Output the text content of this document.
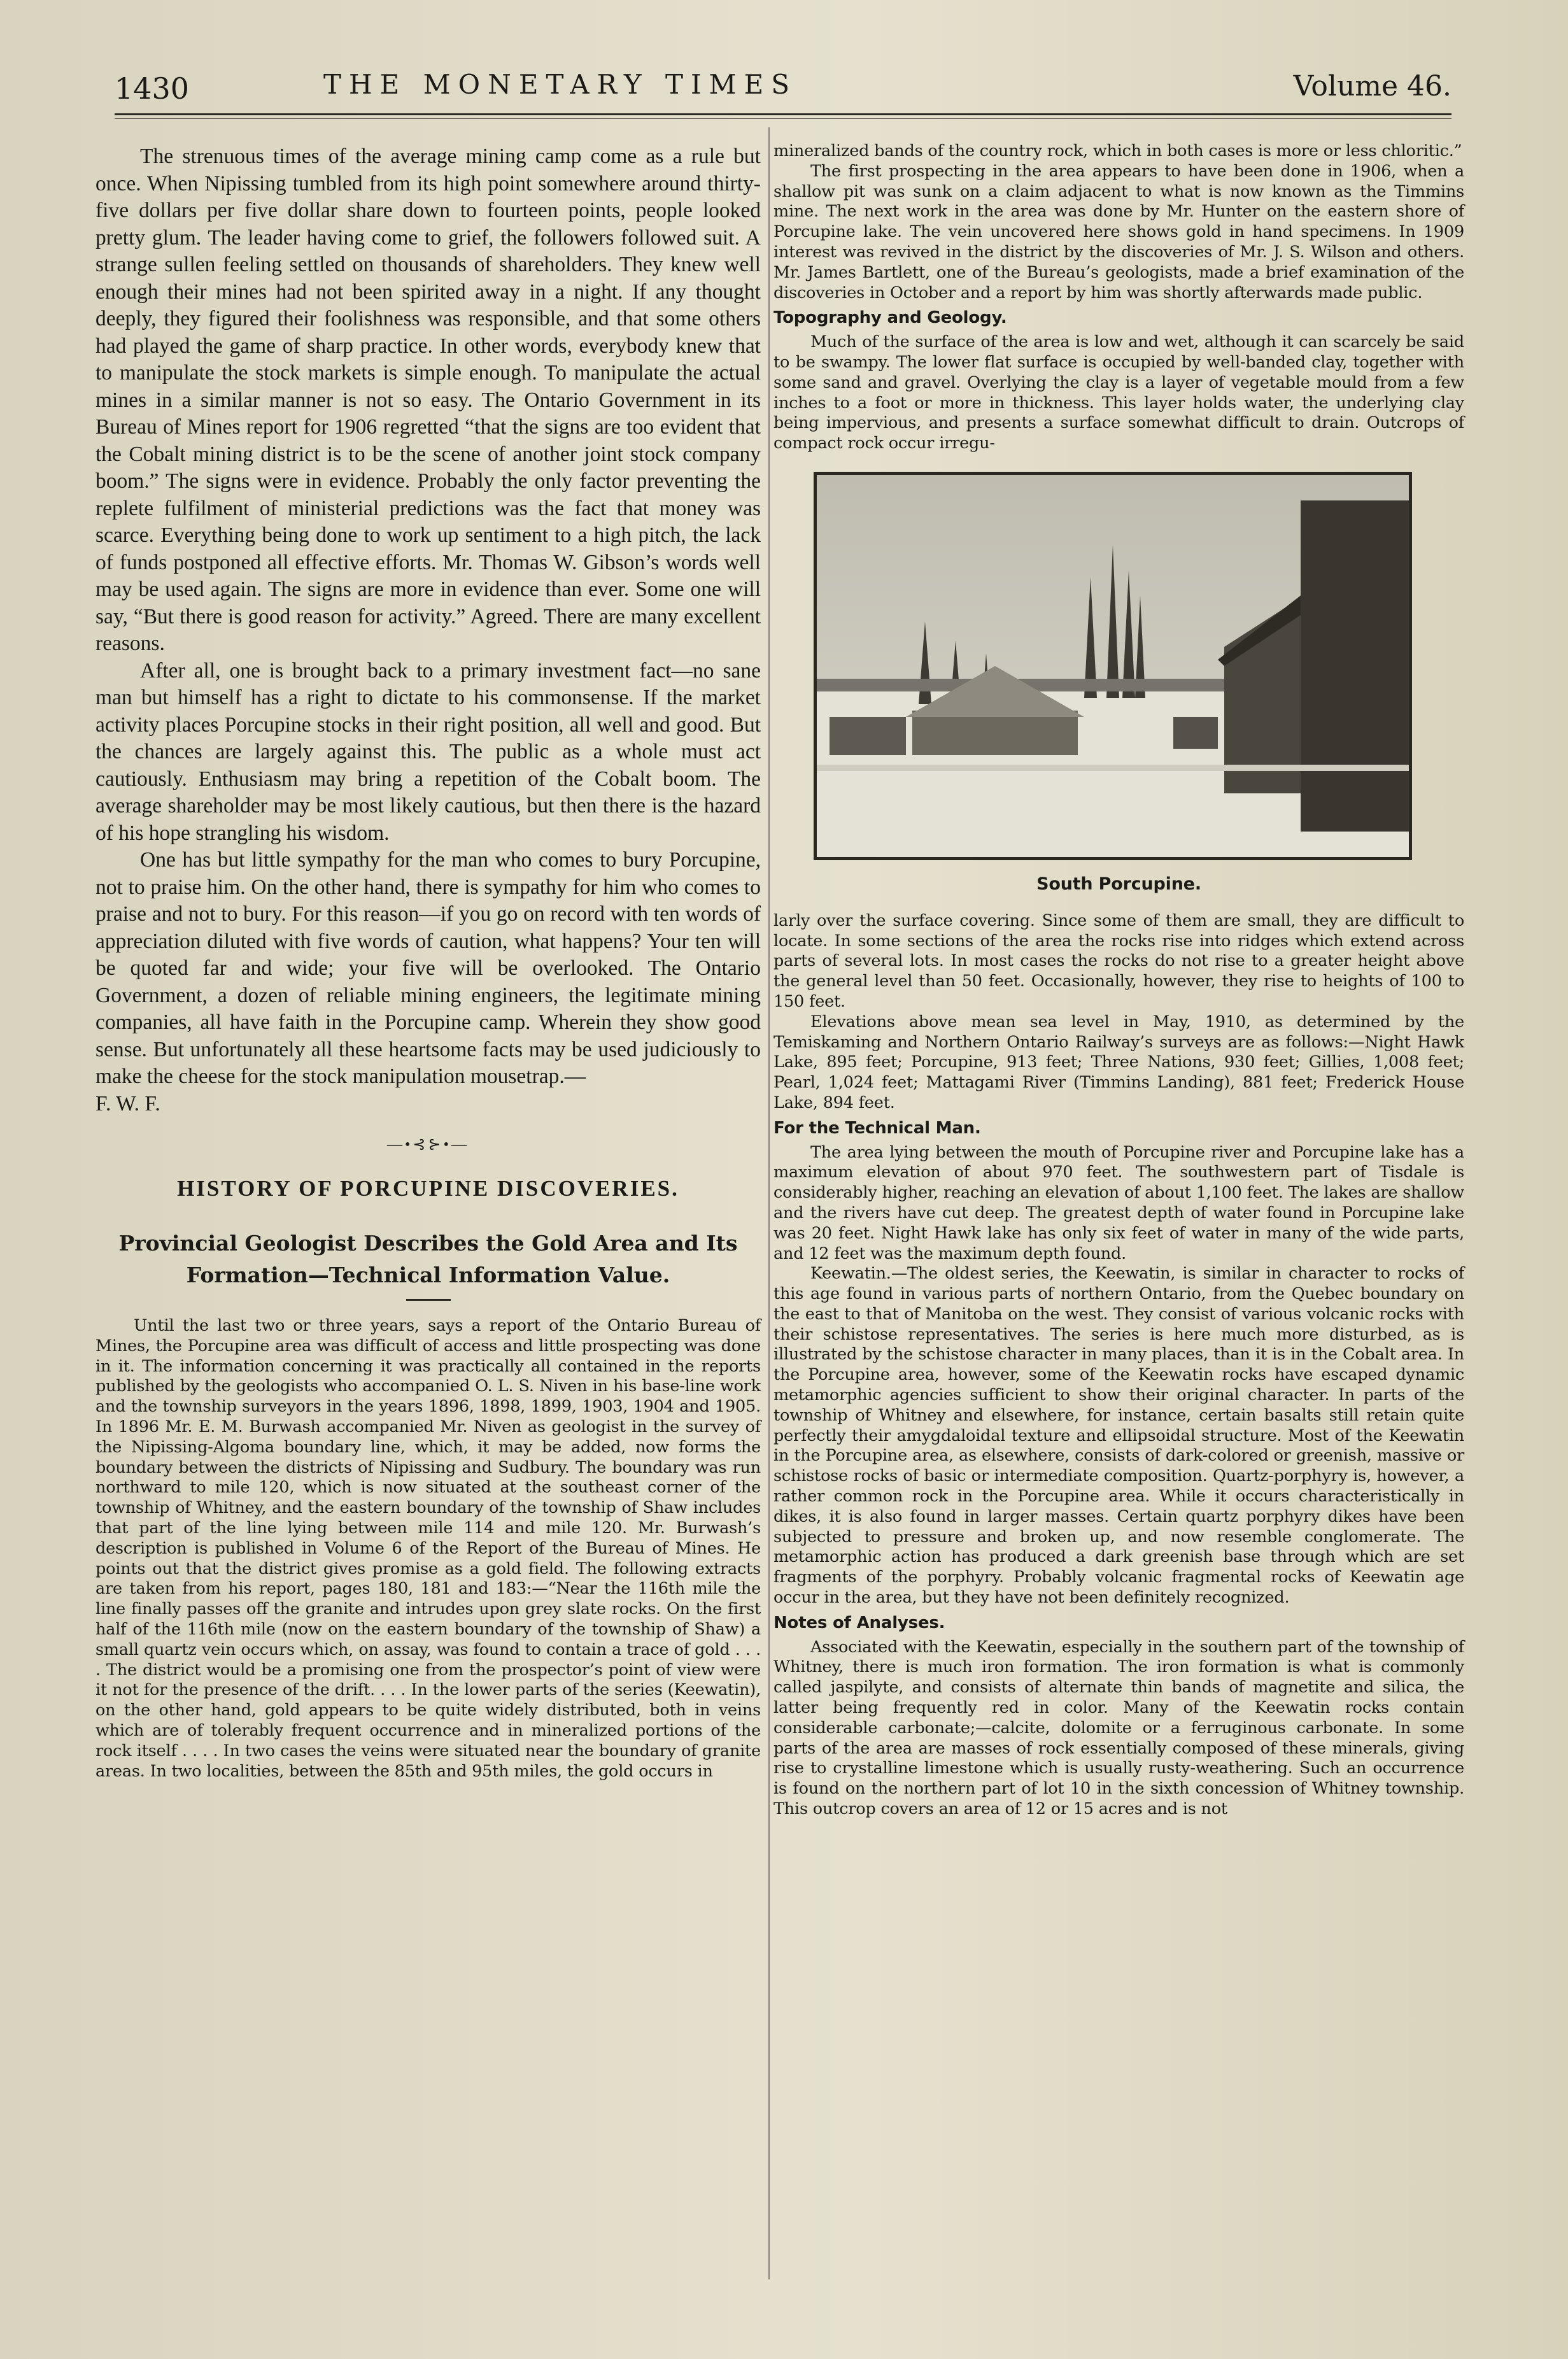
1430	THE MONETARY TIMES	Volume 46.

The strenuous times of the average mining camp come as a rule but once. When Nipissing tumbled from its high point somewhere around thirty-five dollars per five dollar share down to fourteen points, people looked pretty glum. The leader having come to grief, the followers followed suit. A strange sullen feeling settled on thousands of shareholders. They knew well enough their mines had not been spirited away in a night. If any thought deeply, they figured their foolishness was responsible, and that some others had played the game of sharp practice. In other words, everybody knew that to manipulate the stock markets is simple enough. To manipulate the actual mines in a similar manner is not so easy. The Ontario Government in its Bureau of Mines report for 1906 regretted “that the signs are too evident that the Cobalt mining district is to be the scene of another joint stock company boom.” The signs were in evidence. Probably the only factor preventing the replete fulfilment of ministerial predictions was the fact that money was scarce. Everything being done to work up sentiment to a high pitch, the lack of funds postponed all effective efforts. Mr. Thomas W. Gibson’s words well may be used again. The signs are more in evidence than ever. Some one will say, “But there is good reason for activity.” Agreed. There are many excellent reasons.

After all, one is brought back to a primary investment fact—no sane man but himself has a right to dictate to his commonsense. If the market activity places Porcupine stocks in their right position, all well and good. But the chances are largely against this. The public as a whole must act cautiously. Enthusiasm may bring a repetition of the Cobalt boom. The average shareholder may be most likely cautious, but then there is the hazard of his hope strangling his wisdom.

One has but little sympathy for the man who comes to bury Porcupine, not to praise him. On the other hand, there is sympathy for him who comes to praise and not to bury. For this reason—if you go on record with ten words of appreciation diluted with five words of caution, what happens? Your ten will be quoted far and wide; your five will be overlooked. The Ontario Government, a dozen of reliable mining engineers, the legitimate mining companies, all have faith in the Porcupine camp. Wherein they show good sense. But unfortunately all these heartsome facts may be used judiciously to make the cheese for the stock manipulation mousetrap.—

F. W. F.

—•⊰⊱•—
HISTORY OF PORCUPINE DISCOVERIES.
Provincial Geologist Describes the Gold Area and Its Formation—Technical Information Value.

Until the last two or three years, says a report of the Ontario Bureau of Mines, the Porcupine area was difficult of access and little prospecting was done in it. The information concerning it was practically all contained in the reports published by the geologists who accompanied O. L. S. Niven in his base-line work and the township surveyors in the years 1896, 1898, 1899, 1903, 1904 and 1905. In 1896 Mr. E. M. Burwash accompanied Mr. Niven as geologist in the survey of the Nipissing-Algoma boundary line, which, it may be added, now forms the boundary between the districts of Nipissing and Sudbury. The boundary was run northward to mile 120, which is now situated at the southeast corner of the township of Whitney, and the eastern boundary of the township of Shaw includes that part of the line lying between mile 114 and mile 120. Mr. Burwash’s description is published in Volume 6 of the Report of the Bureau of Mines. He points out that the district gives promise as a gold field. The following extracts are taken from his report, pages 180, 181 and 183:—“Near the 116th mile the line finally passes off the granite and intrudes upon grey slate rocks. On the first half of the 116th mile (now on the eastern boundary of the township of Shaw) a small quartz vein occurs which, on assay, was found to contain a trace of gold . . . . The district would be a promising one from the prospector’s point of view were it not for the presence of the drift. . . . In the lower parts of the series (Keewatin), on the other hand, gold appears to be quite widely distributed, both in veins which are of tolerably frequent occurrence and in mineralized portions of the rock itself . . . . In two cases the veins were situated near the boundary of granite areas. In two localities, between the 85th and 95th miles, the gold occurs in

mineralized bands of the country rock, which in both cases is more or less chloritic.”

The first prospecting in the area appears to have been done in 1906, when a shallow pit was sunk on a claim adjacent to what is now known as the Timmins mine. The next work in the area was done by Mr. Hunter on the eastern shore of Porcupine lake. The vein uncovered here shows gold in hand specimens. In 1909 interest was revived in the district by the discoveries of Mr. J. S. Wilson and others. Mr. James Bartlett, one of the Bureau’s geologists, made a brief examination of the discoveries in October and a report by him was shortly afterwards made public.

Topography and Geology.

Much of the surface of the area is low and wet, although it can scarcely be said to be swampy. The lower flat surface is occupied by well-banded clay, together with some sand and gravel. Overlying the clay is a layer of vegetable mould from a few inches to a foot or more in thickness. This layer holds water, the underlying clay being impervious, and presents a surface somewhat difficult to drain. Outcrops of compact rock occur irregu-

South Porcupine.

larly over the surface covering. Since some of them are small, they are difficult to locate. In some sections of the area the rocks rise into ridges which extend across parts of several lots. In most cases the rocks do not rise to a greater height above the general level than 50 feet. Occasionally, however, they rise to heights of 100 to 150 feet.

Elevations above mean sea level in May, 1910, as determined by the Temiskaming and Northern Ontario Railway’s surveys are as follows:—Night Hawk Lake, 895 feet; Porcupine, 913 feet; Three Nations, 930 feet; Gillies, 1,008 feet; Pearl, 1,024 feet; Mattagami River (Timmins Landing), 881 feet; Frederick House Lake, 894 feet.

For the Technical Man.

The area lying between the mouth of Porcupine river and Porcupine lake has a maximum elevation of about 970 feet. The southwestern part of Tisdale is considerably higher, reaching an elevation of about 1,100 feet. The lakes are shallow and the rivers have cut deep. The greatest depth of water found in Porcupine lake was 20 feet. Night Hawk lake has only six feet of water in many of the wide parts, and 12 feet was the maximum depth found.

Keewatin.—The oldest series, the Keewatin, is similar in character to rocks of this age found in various parts of northern Ontario, from the Quebec boundary on the east to that of Manitoba on the west. They consist of various volcanic rocks with their schistose representatives. The series is here much more disturbed, as is illustrated by the schistose character in many places, than it is in the Cobalt area. In the Porcupine area, however, some of the Keewatin rocks have escaped dynamic metamorphic agencies sufficient to show their original character. In parts of the township of Whitney and elsewhere, for instance, certain basalts still retain quite perfectly their amygdaloidal texture and ellipsoidal structure. Most of the Keewatin in the Porcupine area, as elsewhere, consists of dark-colored or greenish, massive or schistose rocks of basic or intermediate composition. Quartz-porphyry is, however, a rather common rock in the Porcupine area. While it occurs characteristically in dikes, it is also found in larger masses. Certain quartz porphyry dikes have been subjected to pressure and broken up, and now resemble conglomerate. The metamorphic action has produced a dark greenish base through which are set fragments of the porphyry. Probably volcanic fragmental rocks of Keewatin age occur in the area, but they have not been definitely recognized.

Notes of Analyses.

Associated with the Keewatin, especially in the southern part of the township of Whitney, there is much iron formation. The iron formation is what is commonly called jaspilyte, and consists of alternate thin bands of magnetite and silica, the latter being frequently red in color. Many of the Keewatin rocks contain considerable carbonate;—calcite, dolomite or a ferruginous carbonate. In some parts of the area are masses of rock essentially composed of these minerals, giving rise to crystalline limestone which is usually rusty-weathering. Such an occurrence is found on the northern part of lot 10 in the sixth concession of Whitney township. This outcrop covers an area of 12 or 15 acres and is not
